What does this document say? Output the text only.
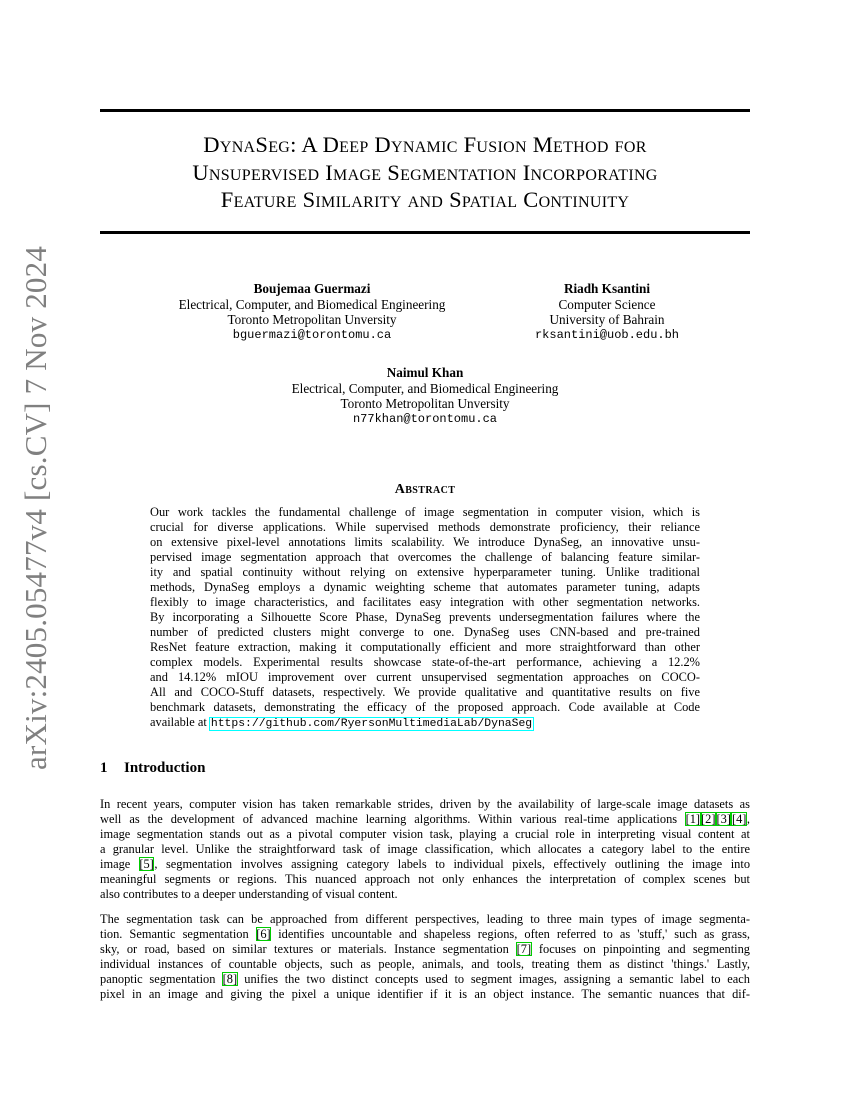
arXiv:2405.05477v4 [cs.CV] 7 Nov 2024
DynaSeg: A Deep Dynamic Fusion Method for
Unsupervised Image Segmentation Incorporating
Feature Similarity and Spatial Continuity
Boujemaa Guermazi
Electrical, Computer, and Biomedical Engineering
Toronto Metropolitan Unversity
bguermazi@torontomu.ca
Riadh Ksantini
Computer Science
University of Bahrain
rksantini@uob.edu.bh
Naimul Khan
Electrical, Computer, and Biomedical Engineering
Toronto Metropolitan Unversity
n77khan@torontomu.ca
Abstract
Our work tackles the fundamental challenge of image segmentation in computer vision, which is
crucial for diverse applications. While supervised methods demonstrate proficiency, their reliance
on extensive pixel-level annotations limits scalability. We introduce DynaSeg, an innovative unsu-
pervised image segmentation approach that overcomes the challenge of balancing feature similar-
ity and spatial continuity without relying on extensive hyperparameter tuning. Unlike traditional
methods, DynaSeg employs a dynamic weighting scheme that automates parameter tuning, adapts
flexibly to image characteristics, and facilitates easy integration with other segmentation networks.
By incorporating a Silhouette Score Phase, DynaSeg prevents undersegmentation failures where the
number of predicted clusters might converge to one. DynaSeg uses CNN-based and pre-trained
ResNet feature extraction, making it computationally efficient and more straightforward than other
complex models. Experimental results showcase state-of-the-art performance, achieving a 12.2%
and 14.12% mIOU improvement over current unsupervised segmentation approaches on COCO-
All and COCO-Stuff datasets, respectively. We provide qualitative and quantitative results on five
benchmark datasets, demonstrating the efficacy of the proposed approach. Code available at Code
available at https://github.com/RyersonMultimediaLab/DynaSeg
1 Introduction
In recent years, computer vision has taken remarkable strides, driven by the availability of large-scale image datasets as
well as the development of advanced machine learning algorithms. Within various real-time applications [1][2][3][4],
image segmentation stands out as a pivotal computer vision task, playing a crucial role in interpreting visual content at
a granular level. Unlike the straightforward task of image classification, which allocates a category label to the entire
image [5], segmentation involves assigning category labels to individual pixels, effectively outlining the image into
meaningful segments or regions. This nuanced approach not only enhances the interpretation of complex scenes but
also contributes to a deeper understanding of visual content.
The segmentation task can be approached from different perspectives, leading to three main types of image segmenta-
tion. Semantic segmentation [6] identifies uncountable and shapeless regions, often referred to as 'stuff,' such as grass,
sky, or road, based on similar textures or materials. Instance segmentation [7] focuses on pinpointing and segmenting
individual instances of countable objects, such as people, animals, and tools, treating them as distinct 'things.' Lastly,
panoptic segmentation [8] unifies the two distinct concepts used to segment images, assigning a semantic label to each
pixel in an image and giving the pixel a unique identifier if it is an object instance. The semantic nuances that dif-
